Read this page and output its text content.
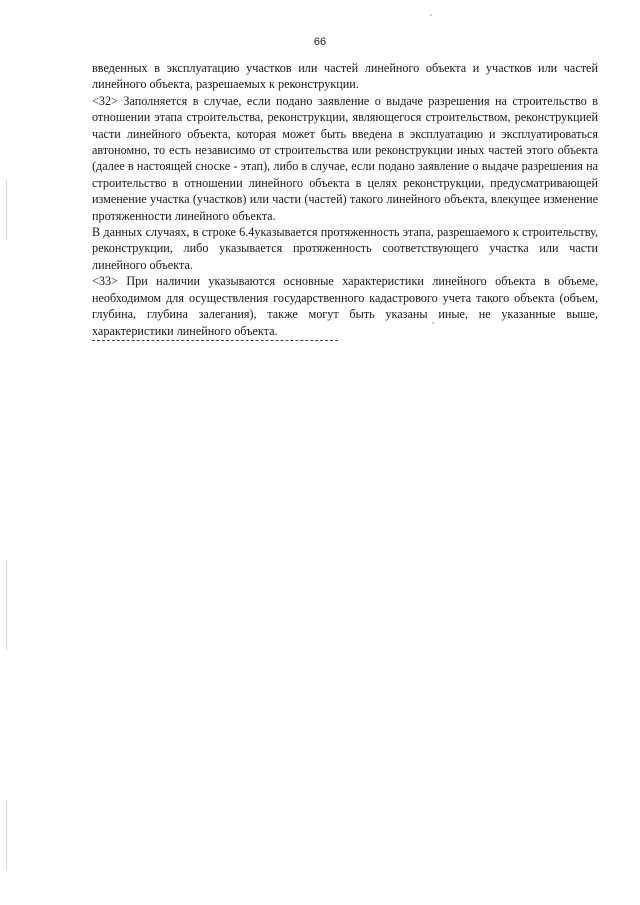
66

введенных в эксплуатацию участков или частей линейного объекта и участков или частей линейного объекта, разрешаемых к реконструкции.

<32> Заполняется в случае, если подано заявление о выдаче разрешения на строительство в отношении этапа строительства, реконструкции, являющегося строительством, реконструкцией части линейного объекта, которая может быть введена в эксплуатацию и эксплуатироваться автономно, то есть независимо от строительства или реконструкции иных частей этого объекта (далее в настоящей сноске - этап), либо в случае, если подано заявление о выдаче разрешения на строительство в отношении линейного объекта в целях реконструкции, предусматривающей изменение участка (участков) или части (частей) такого линейного объекта, влекущее изменение протяженности линейного объекта.

В данных случаях, в строке 6.4указывается протяженность этапа, разрешаемого к строительству, реконструкции, либо указывается протяженность соответствующего участка или части линейного объекта.

<33> При наличии указываются основные характеристики линейного объекта в объеме, необходимом для осуществления государственного кадастрового учета такого объекта (объем, глубина, глубина залегания), также могут быть указаны иные, не указанные выше, характеристики линейного объекта.
